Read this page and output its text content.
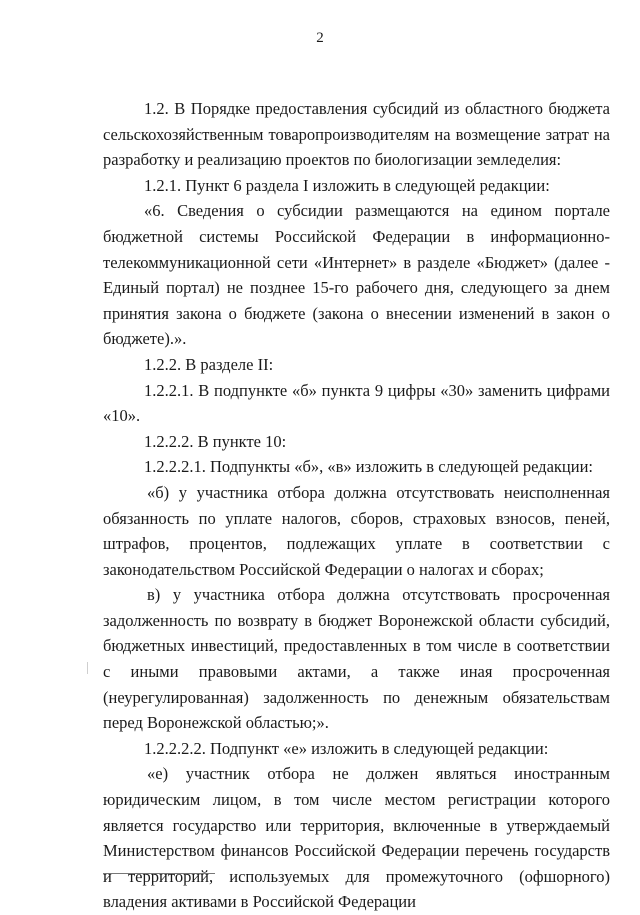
2

1.2. В Порядке предоставления субсидий из областного бюджета сельскохозяйственным товаропроизводителям на возмещение затрат на разработку и реализацию проектов по биологизации земледелия:

1.2.1. Пункт 6 раздела I изложить в следующей редакции:

«6. Сведения о субсидии размещаются на едином портале бюджетной системы Российской Федерации в информационно-телекоммуникационной сети «Интернет» в разделе «Бюджет» (далее - Единый портал) не позднее 15-го рабочего дня, следующего за днем принятия закона о бюджете (закона о внесении изменений в закон о бюджете).».

1.2.2. В разделе II:

1.2.2.1. В подпункте «б» пункта 9 цифры «30» заменить цифрами «10».

1.2.2.2. В пункте 10:

1.2.2.2.1. Подпункты «б», «в» изложить в следующей редакции:

«б) у участника отбора должна отсутствовать неисполненная обязанность по уплате налогов, сборов, страховых взносов, пеней, штрафов, процентов, подлежащих уплате в соответствии с законодательством Российской Федерации о налогах и сборах;

в) у участника отбора должна отсутствовать просроченная задолженность по возврату в бюджет Воронежской области субсидий, бюджетных инвестиций, предоставленных в том числе в соответствии с иными правовыми актами, а также иная просроченная (неурегулированная) задолженность по денежным обязательствам перед Воронежской областью;».

1.2.2.2.2. Подпункт «е» изложить в следующей редакции:

«е) участник отбора не должен являться иностранным юридическим лицом, в том числе местом регистрации которого является государство или территория, включенные в утверждаемый Министерством финансов Российской Федерации перечень государств и территорий, используемых для промежуточного (офшорного) владения активами в Российской Федерации
